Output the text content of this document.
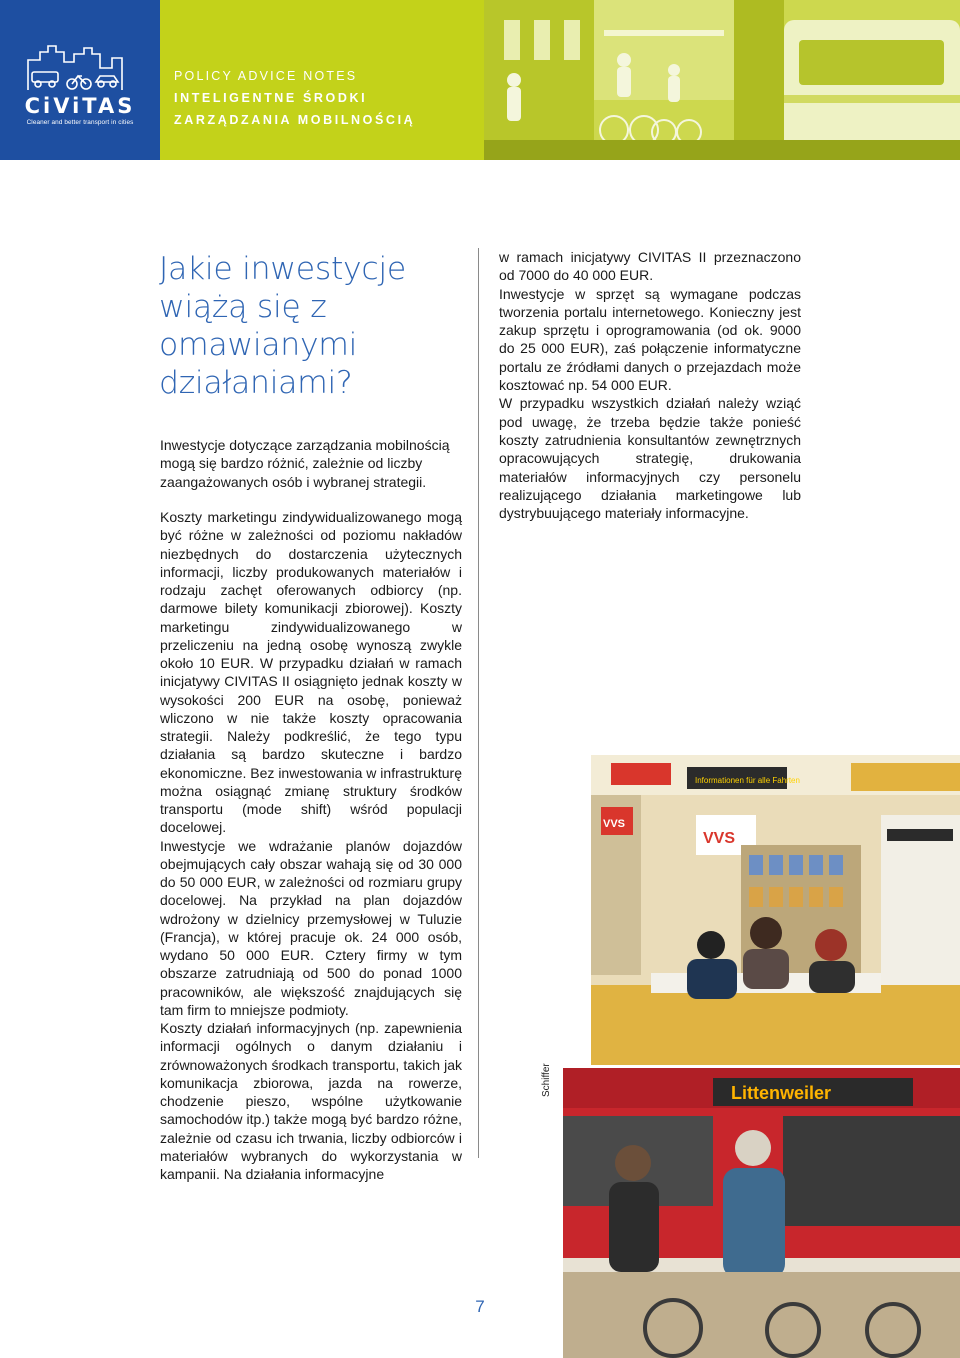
CiViTAS
Cleaner and better transport in cities
POLICY ADVICE NOTES
INTELIGENTNE ŚRODKI
ZARZĄDZANIA MOBILNOŚCIĄ
Jakie inwestycje
wiążą się z
omawianymi
działaniami?

Inwestycje dotyczące zarządzania mobilnością mogą się bardzo różnić, zależnie od liczby zaangażowanych osób i wybranej strategii.

Koszty marketingu zindywidualizowanego mogą być różne w zależności od poziomu nakładów niezbędnych do dostarczenia użytecznych informacji, liczby produkowanych materiałów i rodzaju zachęt oferowanych odbiorcy (np. darmowe bilety komunikacji zbiorowej). Koszty marketingu zindywidualizowanego w przeliczeniu na jedną osobę wynoszą zwykle około 10 EUR. W przypadku działań w ramach inicjatywy CIVITAS II osiągnięto jednak koszty w wysokości 200 EUR na osobę, ponieważ wliczono w nie także koszty opracowania strategii. Należy podkreślić, że tego typu działania są bardzo skuteczne i bardzo ekonomiczne. Bez inwestowania w infrastrukturę można osiągnąć zmianę struktury środków transportu (mode shift) wśród populacji docelowej.

Inwestycje we wdrażanie planów dojazdów obejmujących cały obszar wahają się od 30 000 do 50 000 EUR, w zależności od rozmiaru grupy docelowej. Na przykład na plan dojazdów wdrożony w dzielnicy przemysłowej w Tuluzie (Francja), w której pracuje ok. 24 000 osób, wydano 50 000 EUR. Cztery firmy w tym obszarze zatrudniają od 500 do ponad 1000 pracowników, ale większość znajdujących się tam firm to mniejsze podmioty.

Koszty działań informacyjnych (np. zapewnienia informacji ogólnych o danym działaniu i zrównoważonych środkach transportu, takich jak komunikacja zbiorowa, jazda na rowerze, chodzenie pieszo, wspólne użytkowanie samochodów itp.) także mogą być bardzo różne, zależnie od czasu ich trwania, liczby odbiorców i materiałów wybranych do wykorzystania w kampanii. Na działania informacyjne

w ramach inicjatywy CIVITAS II przeznaczono od 7000 do 40 000 EUR.

Inwestycje w sprzęt są wymagane podczas tworzenia portalu internetowego. Konieczny jest zakup sprzętu i oprogramowania (od ok. 9000 do 25 000 EUR), zaś połączenie informatyczne portalu ze źródłami danych o przejazdach może kosztować np. 54 000 EUR.

W przypadku wszystkich działań należy wziąć pod uwagę, że trzeba będzie także ponieść koszty zatrudnienia konsultantów zewnętrznych opracowujących strategię, drukowania materiałów informacyjnych czy personelu realizującego działania marketingowe lub dystrybuującego materiały informacyjne.

Informationen für alle Fahrten
VVS
VVS
Schiffer	Littenweiler
7
